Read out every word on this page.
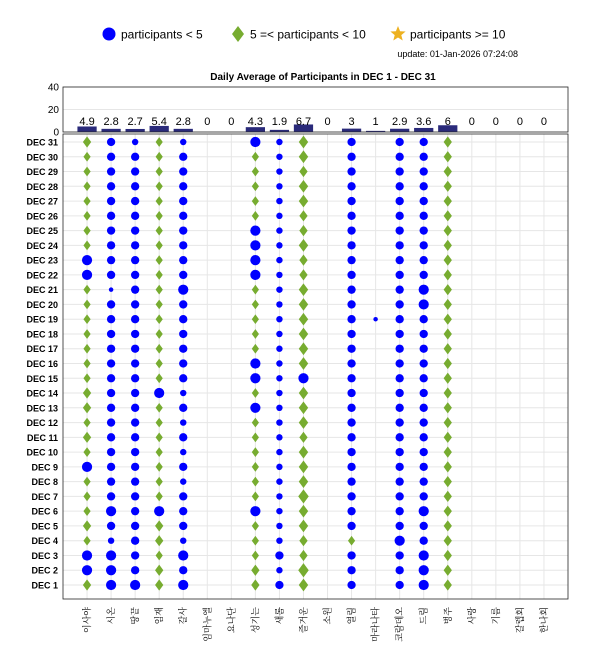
participants < 5	5 =< participants < 10	participants >= 10
update: 01-Jan-2026 07:24:08
Daily Average of Participants in DEC 1 - DEC 31
0
20
40
4.9 2.8 2.7 5.4 2.8 0 0 4.3 1.9 6.7 0 3 1 2.9 3.6 6 0 0 0 0
DEC 1
DEC 2
DEC 3
DEC 4
DEC 5
DEC 6
DEC 7
DEC 8
DEC 9
DEC 10
DEC 11
DEC 12
DEC 13
DEC 14
DEC 15
DEC 16
DEC 17
DEC 18
DEC 19
DEC 20
DEC 21
DEC 22
DEC 23
DEC 24
DEC 25
DEC 26
DEC 27
DEC 28
DEC 29
DEC 30
DEC 31
이사야 시온 땅끝 임재 갈사 임마누엘 요나단 성기는 새롬 즐거운 소원 열림 마라나타 코람데오 드림 벙주 사랑 기름 갈렙회 한나회
